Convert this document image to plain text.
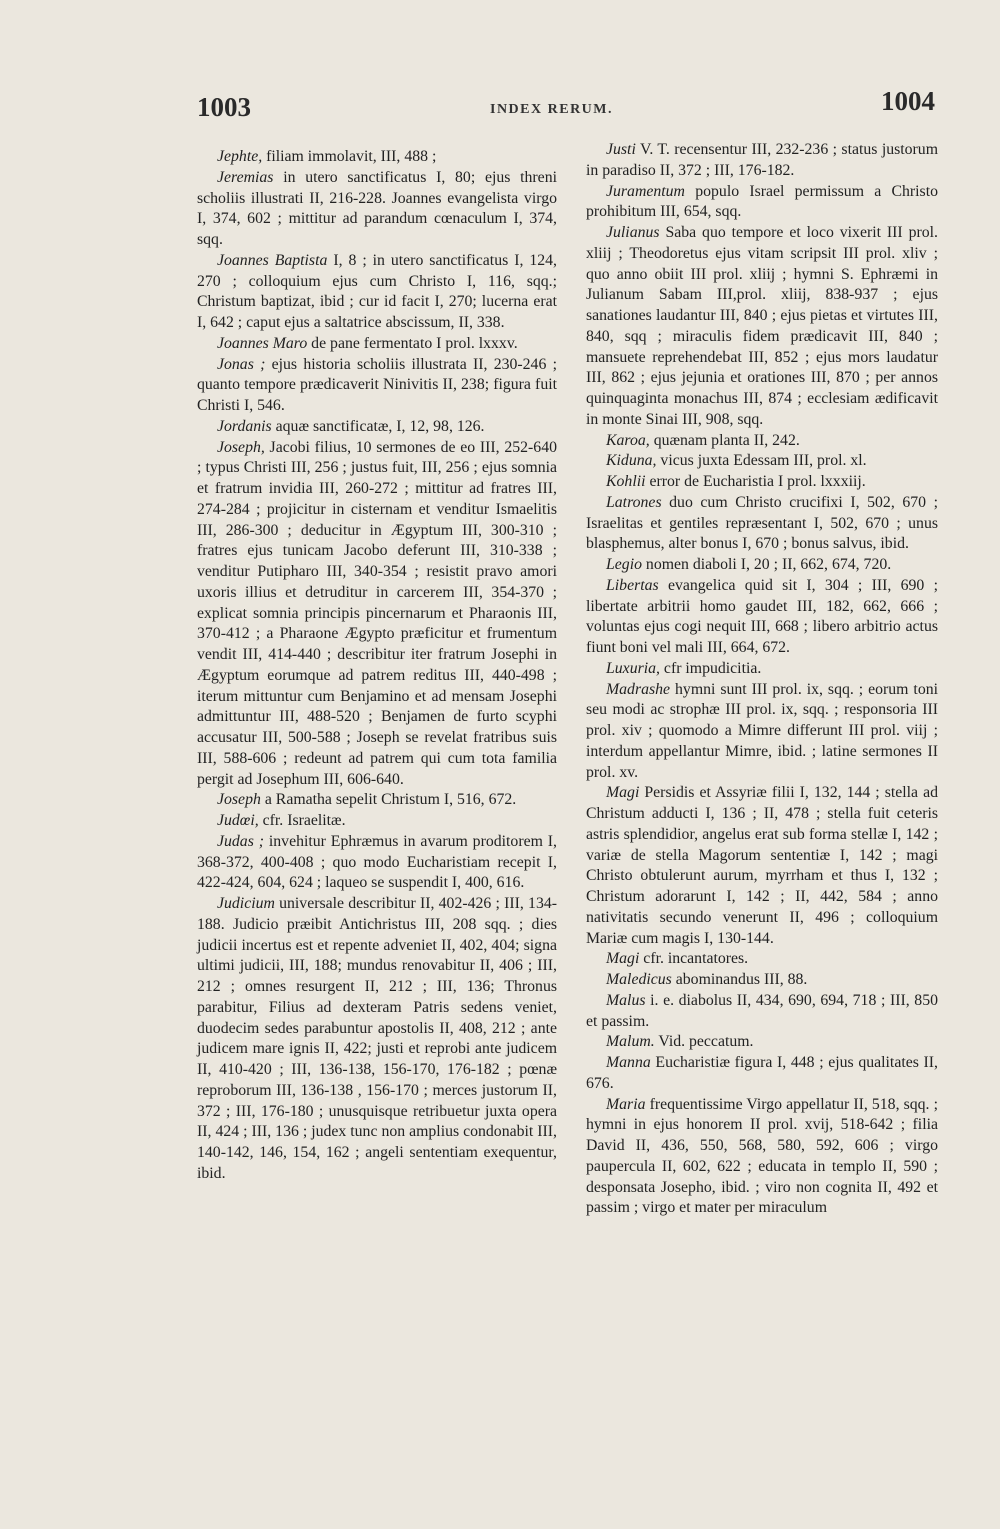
1003	INDEX RERUM.	1004

Jephte, filiam immolavit, III, 488 ;

Jeremias in utero sanctificatus I, 80; ejus threni scholiis illustrati II, 216-228. Joannes evangelista virgo I, 374, 602 ; mittitur ad parandum cœnaculum I, 374, sqq.

Joannes Baptista I, 8 ; in utero sanctificatus I, 124, 270 ; colloquium ejus cum Christo I, 116, sqq.; Christum baptizat, ibid ; cur id facit I, 270; lucerna erat I, 642 ; caput ejus a saltatrice abscissum, II, 338.

Joannes Maro de pane fermentato I prol. lxxxv.

Jonas ; ejus historia scholiis illustrata II, 230-246 ; quanto tempore prædicaverit Ninivitis II, 238; figura fuit Christi I, 546.

Jordanis aquæ sanctificatæ, I, 12, 98, 126.

Joseph, Jacobi filius, 10 sermones de eo III, 252-640 ; typus Christi III, 256 ; justus fuit, III, 256 ; ejus somnia et fratrum invidia III, 260-272 ; mittitur ad fratres III, 274-284 ; projicitur in cisternam et venditur Ismaelitis III, 286-300 ; deducitur in Ægyptum III, 300-310 ; fratres ejus tunicam Jacobo deferunt III, 310-338 ; venditur Putipharo III, 340-354 ; resistit pravo amori uxoris illius et detruditur in carcerem III, 354-370 ; explicat somnia principis pincernarum et Pharaonis III, 370-412 ; a Pharaone Ægypto præficitur et frumentum vendit III, 414-440 ; describitur iter fratrum Josephi in Ægyptum eorumque ad patrem reditus III, 440-498 ; iterum mittuntur cum Benjamino et ad mensam Josephi admittuntur III, 488-520 ; Benjamen de furto scyphi accusatur III, 500-588 ; Joseph se revelat fratribus suis III, 588-606 ; redeunt ad patrem qui cum tota familia pergit ad Josephum III, 606-640.

Joseph a Ramatha sepelit Christum I, 516, 672.

Judœi, cfr. Israelitæ.

Judas ; invehitur Ephræmus in avarum proditorem I, 368-372, 400-408 ; quo modo Eucharistiam recepit I, 422-424, 604, 624 ; laqueo se suspendit I, 400, 616.

Judicium universale describitur II, 402-426 ; III, 134-188. Judicio præibit Antichristus III, 208 sqq. ; dies judicii incertus est et repente adveniet II, 402, 404; signa ultimi judicii, III, 188; mundus renovabitur II, 406 ; III, 212 ; omnes resurgent II, 212 ; III, 136; Thronus parabitur, Filius ad dexteram Patris sedens veniet, duodecim sedes parabuntur apostolis II, 408, 212 ; ante judicem mare ignis II, 422; justi et reprobi ante judicem II, 410-420 ; III, 136-138, 156-170, 176-182 ; pœnæ reproborum III, 136-138 , 156-170 ; merces justorum II, 372 ; III, 176-180 ; unusquisque retribuetur juxta opera II, 424 ; III, 136 ; judex tunc non amplius condonabit III, 140-142, 146, 154, 162 ; angeli sententiam exequentur, ibid.

Justi V. T. recensentur III, 232-236 ; status justorum in paradiso II, 372 ; III, 176-182.

Juramentum populo Israel permissum a Christo prohibitum III, 654, sqq.

Julianus Saba quo tempore et loco vixerit III prol. xliij ; Theodoretus ejus vitam scripsit III prol. xliv ; quo anno obiit III prol. xliij ; hymni S. Ephræmi in Julianum Sabam III,prol. xliij, 838-937 ; ejus sanationes laudantur III, 840 ; ejus pietas et virtutes III, 840, sqq ; miraculis fidem prædicavit III, 840 ; mansuete reprehendebat III, 852 ; ejus mors laudatur III, 862 ; ejus jejunia et orationes III, 870 ; per annos quinquaginta monachus III, 874 ; ecclesiam ædificavit in monte Sinai III, 908, sqq.

Karoa, quænam planta II, 242.

Kiduna, vicus juxta Edessam III, prol. xl.

Kohlii error de Eucharistia I prol. lxxxiij.

Latrones duo cum Christo crucifixi I, 502, 670 ; Israelitas et gentiles repræsentant I, 502, 670 ; unus blasphemus, alter bonus I, 670 ; bonus salvus, ibid.

Legio nomen diaboli I, 20 ; II, 662, 674, 720.

Libertas evangelica quid sit I, 304 ; III, 690 ; libertate arbitrii homo gaudet III, 182, 662, 666 ; voluntas ejus cogi nequit III, 668 ; libero arbitrio actus fiunt boni vel mali III, 664, 672.

Luxuria, cfr impudicitia.

Madrashe hymni sunt III prol. ix, sqq. ; eorum toni seu modi ac strophæ III prol. ix, sqq. ; responsoria III prol. xiv ; quomodo a Mimre differunt III prol. viij ; interdum appellantur Mimre, ibid. ; latine sermones II prol. xv.

Magi Persidis et Assyriæ filii I, 132, 144 ; stella ad Christum adducti I, 136 ; II, 478 ; stella fuit ceteris astris splendidior, angelus erat sub forma stellæ I, 142 ; variæ de stella Magorum sententiæ I, 142 ; magi Christo obtulerunt aurum, myrrham et thus I, 132 ; Christum adorarunt I, 142 ; II, 442, 584 ; anno nativitatis secundo venerunt II, 496 ; colloquium Mariæ cum magis I, 130-144.

Magi cfr. incantatores.

Maledicus abominandus III, 88.

Malus i. e. diabolus II, 434, 690, 694, 718 ; III, 850 et passim.

Malum. Vid. peccatum.

Manna Eucharistiæ figura I, 448 ; ejus qualitates II, 676.

Maria frequentissime Virgo appellatur II, 518, sqq. ; hymni in ejus honorem II prol. xvij, 518-642 ; filia David II, 436, 550, 568, 580, 592, 606 ; virgo paupercula II, 602, 622 ; educata in templo II, 590 ; desponsata Josepho, ibid. ; viro non cognita II, 492 et passim ; virgo et mater per miraculum
